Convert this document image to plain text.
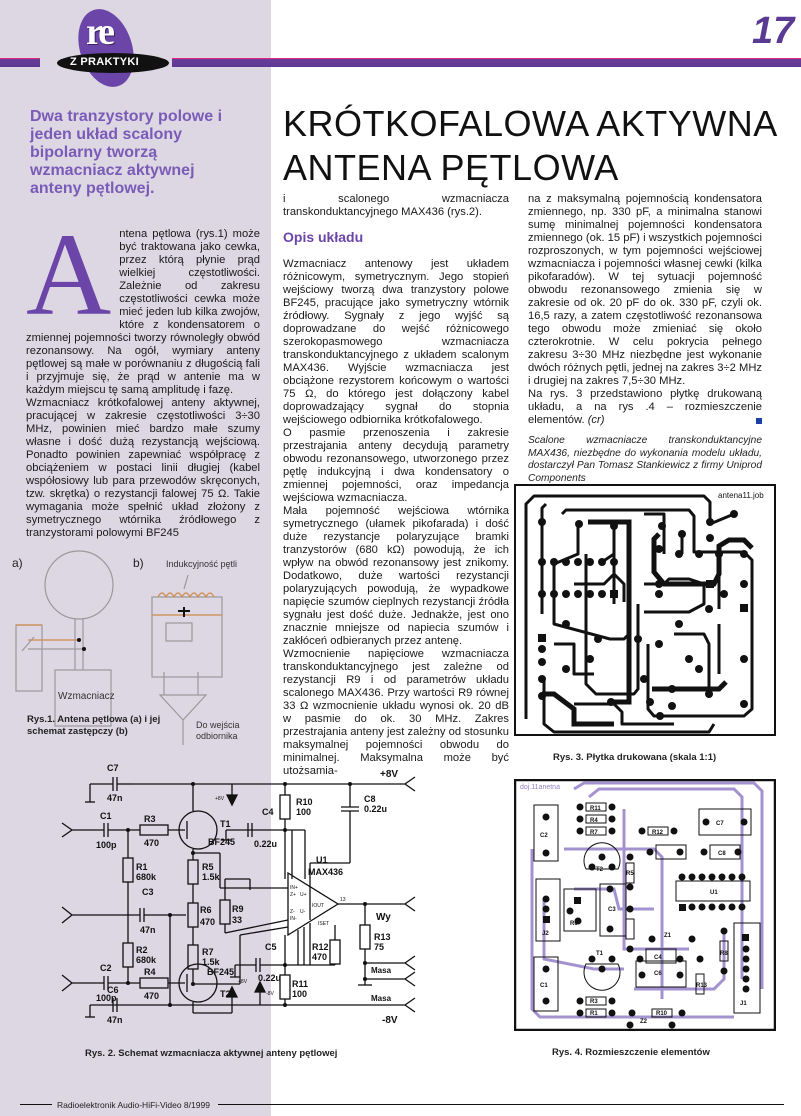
re
Z PRAKTYKI
17
Dwa tranzystory polowe i jeden układ scalony bipolarny tworzą wzmacniacz aktywnej anteny pętlowej.
KRÓTKOFALOWA AKTYWNA
ANTENA PĘTLOWA
A ntena pętlowa (rys.1) może być traktowana jako cewka, przez którą płynie prąd wielkiej częstotliwości. Zależnie od zakresu częstotliwości cewka może mieć jeden lub kilka zwojów, które z kondensatorem o zmiennej pojemności tworzy równoległy obwód rezonansowy. Na ogół, wymiary anteny pętlowej są małe w porównaniu z długością fali i przyjmuje się, że prąd w antenie ma w każdym miejscu tę samą amplitudę i fazę.

Wzmacniacz krótkofalowej anteny aktywnej, pracującej w zakresie częstotliwości 3÷30 MHz, powinien mieć bardzo małe szumy własne i dość dużą rezystancją wejściową. Ponadto powinien zapewniać współpracę z obciążeniem w postaci linii długiej (kabel współosiowy lub para przewodów skręconych, tzw. skrętka) o rezystancji falowej 75 Ω. Takie wymagania może spełnić układ złożony z symetrycznego wtórnika źródłowego z tranzystorami polowymi BF245

i scalonego wzmacniacza transkonduktancyjnego MAX436 (rys.2).

Opis układu

Wzmacniacz antenowy jest układem różnicowym, symetrycznym. Jego stopień wejściowy tworzą dwa tranzystory polowe BF245, pracujące jako symetryczny wtórnik źródłowy. Sygnały z jego wyjść są doprowadzane do wejść różnicowego szerokopasmowego wzmacniacza transkonduktancyjnego z układem scalonym MAX436. Wyjście wzmacniacza jest obciążone rezystorem końcowym o wartości 75 Ω, do którego jest dołączony kabel doprowadzający sygnał do stopnia wejściowego odbiornika krótkofalowego.

O pasmie przenoszenia i zakresie przestrajania anteny decydują parametry obwodu rezonansowego, utworzonego przez pętlę indukcyjną i dwa kondensatory o zmiennej pojemności, oraz impedancja wejściowa wzmacniacza.

Mała pojemność wejściowa wtórnika symetrycznego (ułamek pikofarada) i dość duże rezystancje polaryzujące bramki tranzystorów (680 kΩ) powodują, że ich wpływ na obwód rezonansowy jest znikomy. Dodatkowo, duże wartości rezystancji polaryzujących powodują, że wypadkowe napięcie szumów cieplnych rezystancji źródła sygnału jest dość duże. Jednakże, jest ono znacznie mniejsze od napiecia szumów i zakłóceń odbieranych przez antenę.

Wzmocnienie napięciowe wzmacniacza transkonduktancyjnego jest zależne od rezystancji R9 i od parametrów układu scalonego MAX436. Przy wartości R9 równej 33 Ω wzmocnienie układu wynosi ok. 20 dB w pasmie do ok. 30 MHz. Zakres przestrajania anteny jest zależny od stosunku maksymalnej pojemności obwodu do minimalnej. Maksymalna może być utożsamia-

na z maksymalną pojemnością kondensatora zmiennego, np. 330 pF, a minimalna stanowi sumę minimalnej pojemności kondensatora zmiennego (ok. 15 pF) i wszystkich pojemności rozproszonych, w tym pojemności wejściowej wzmacniacza i pojemności własnej cewki (kilka pikofaradów). W tej sytuacji pojemność obwodu rezonansowego zmienia się w zakresie od ok. 20 pF do ok. 330 pF, czyli ok. 16,5 razy, a zatem częstotliwość rezonansowa tego obwodu może zmieniać się około czterokrotnie. W celu pokrycia pełnego zakresu 3÷30 MHz niezbędne jest wykonanie dwóch różnych pętli, jednej na zakres 3÷2 MHz i drugiej na zakres 7,5÷30 MHz.

Na rys. 3 przedstawiono płytkę drukowaną układu, a na rys .4 – rozmieszczenie elementów. (cr)

Scalone wzmacniacze transkonduktancyjne MAX436, niezbędne do wykonania modelu układu, dostarczył Pan Tomasz Stankiewicz z firmy Uniprod Components
a)	b)
Wzmacniacz
Indukcyjność pętli
Do wejścia
odbiornika
Rys.1. Antena pętlowa (a) i jej
schemat zastępczy (b)
C7
47n
C1
100p
R3
470
T1
BF245
R1
680k
R5
1.5k
C3
47n
R6
470
R9
33
R2
680k
R7
1.5k
C2
100p
R4
470
BF245
T2
C6
47n
C4
0.22u
R10
100
C8
0.22u
U1
MAX436
C5
0.22u
R12
470
R13
75
R11
100
+8V
Wy
Masa
Masa
-8V
+8V
+8V
-8V
IN+
Z+ U+
Z- U-
IN-
IOUT
ISET
13
Rys. 2. Schemat wzmacniacza aktywnej anteny pętlowej
antena11.job
Rys. 3. Płytka drukowana (skala 1:1)
doj.11anetna
R11
R4
R7	R12
C2
T2
C3
C8
C7
R5
U1
R6
C1
R8
T1
C4
C6
R10
R13
R1
R3
Z1
Z2
J1
J2
Rys. 4. Rozmieszczenie elementów
Radioelektronik Audio-HiFi-Video 8/1999
